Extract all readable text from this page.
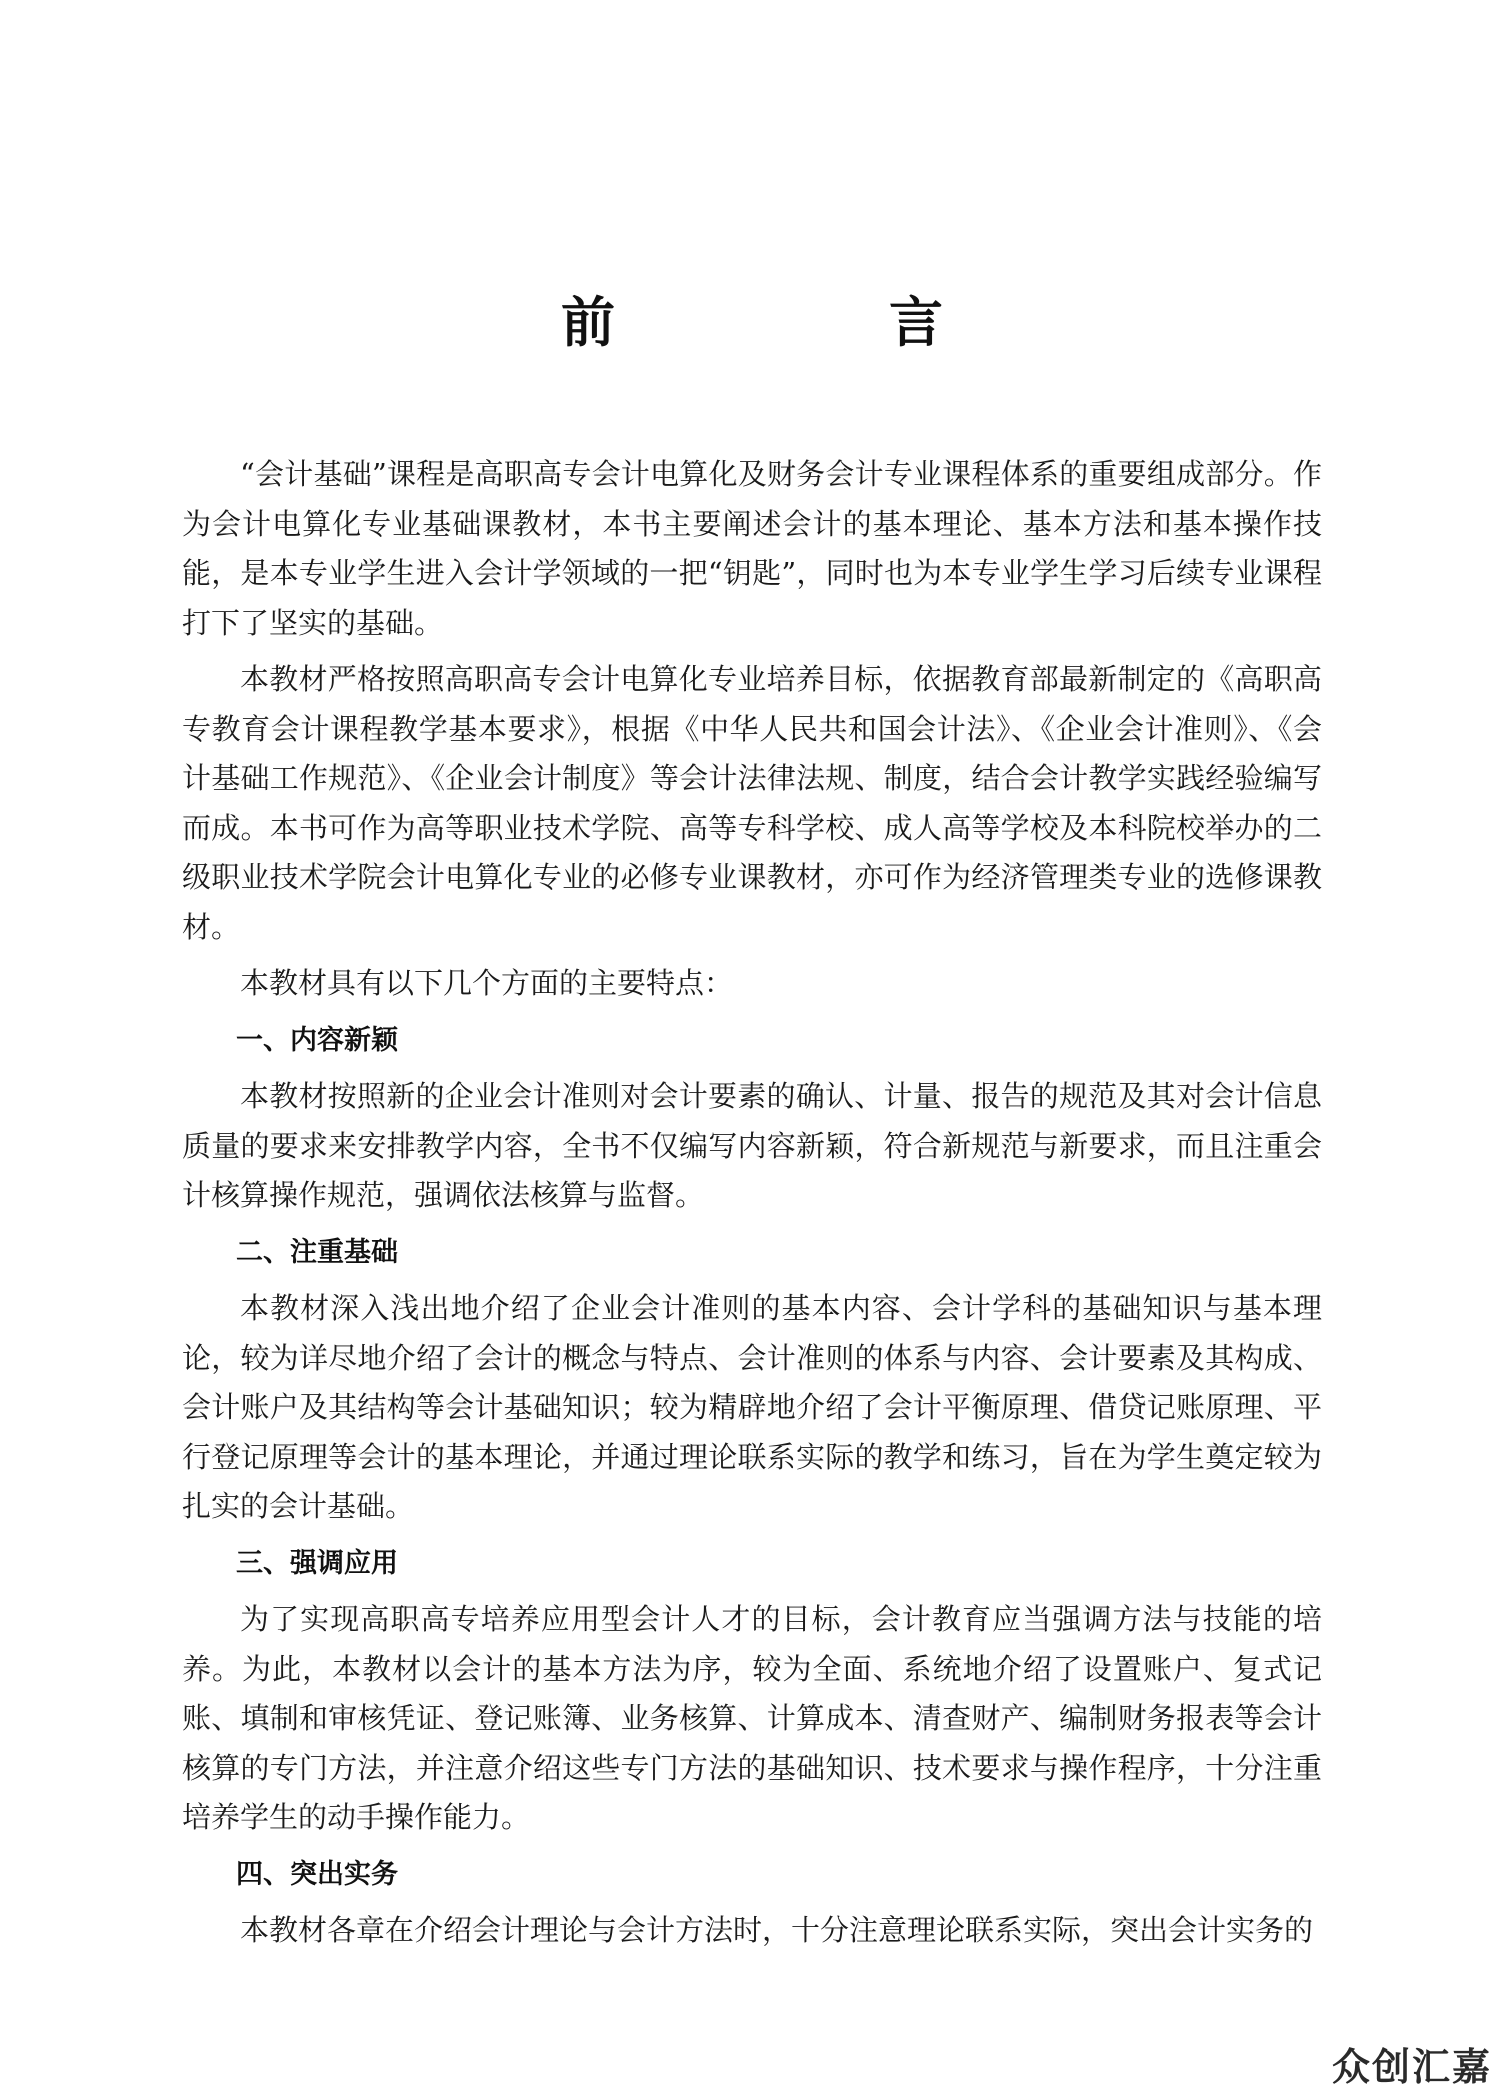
前　言

“会计基础”课程是高职高专会计电算化及财务会计专业课程体系的重要组成部分。作为会计电算化专业基础课教材，本书主要阐述会计的基本理论、基本方法和基本操作技能，是本专业学生进入会计学领域的一把“钥匙”，同时也为本专业学生学习后续专业课程打下了坚实的基础。

本教材严格按照高职高专会计电算化专业培养目标，依据教育部最新制定的《高职高专教育会计课程教学基本要求》，根据《中华人民共和国会计法》、《企业会计准则》、《会计基础工作规范》、《企业会计制度》等会计法律法规、制度，结合会计教学实践经验编写而成。本书可作为高等职业技术学院、高等专科学校、成人高等学校及本科院校举办的二级职业技术学院会计电算化专业的必修专业课教材，亦可作为经济管理类专业的选修课教材。

本教材具有以下几个方面的主要特点：

一、内容新颖

本教材按照新的企业会计准则对会计要素的确认、计量、报告的规范及其对会计信息质量的要求来安排教学内容，全书不仅编写内容新颖，符合新规范与新要求，而且注重会计核算操作规范，强调依法核算与监督。

二、注重基础

本教材深入浅出地介绍了企业会计准则的基本内容、会计学科的基础知识与基本理论，较为详尽地介绍了会计的概念与特点、会计准则的体系与内容、会计要素及其构成、会计账户及其结构等会计基础知识；较为精辟地介绍了会计平衡原理、借贷记账原理、平行登记原理等会计的基本理论，并通过理论联系实际的教学和练习，旨在为学生奠定较为扎实的会计基础。

三、强调应用

为了实现高职高专培养应用型会计人才的目标，会计教育应当强调方法与技能的培养。为此，本教材以会计的基本方法为序，较为全面、系统地介绍了设置账户、复式记账、填制和审核凭证、登记账簿、业务核算、计算成本、清查财产、编制财务报表等会计核算的专门方法，并注意介绍这些专门方法的基础知识、技术要求与操作程序，十分注重培养学生的动手操作能力。

四、突出实务

本教材各章在介绍会计理论与会计方法时，十分注意理论联系实际，突出会计实务的

众创汇嘉
